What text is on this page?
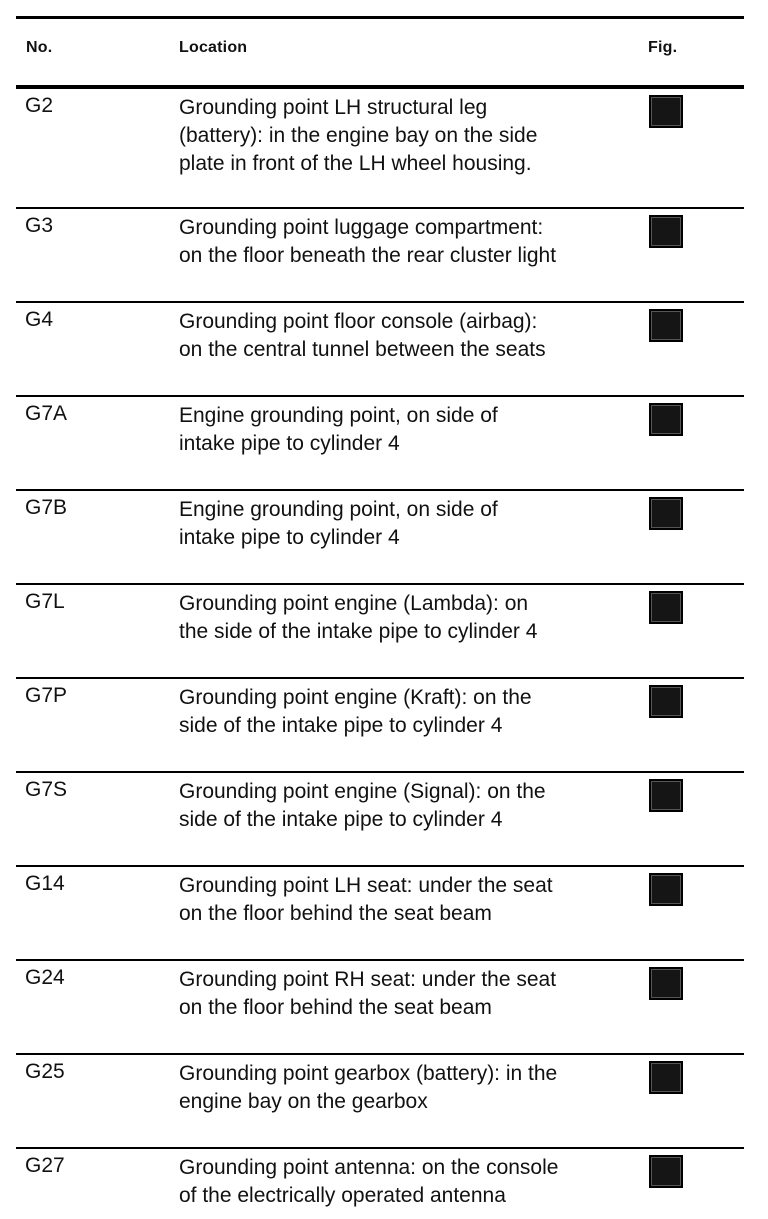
No.	Location	Fig.
G2	Grounding point LH structural leg
(battery): in the engine bay on the side
plate in front of the LH wheel housing.
G3	Grounding point luggage compartment:
on the floor beneath the rear cluster light
G4	Grounding point floor console (airbag):
on the central tunnel between the seats
G7A	Engine grounding point, on side of
intake pipe to cylinder 4
G7B	Engine grounding point, on side of
intake pipe to cylinder 4
G7L	Grounding point engine (Lambda): on
the side of the intake pipe to cylinder 4
G7P	Grounding point engine (Kraft): on the
side of the intake pipe to cylinder 4
G7S	Grounding point engine (Signal): on the
side of the intake pipe to cylinder 4
G14	Grounding point LH seat: under the seat
on the floor behind the seat beam
G24	Grounding point RH seat: under the seat
on the floor behind the seat beam
G25	Grounding point gearbox (battery): in the
engine bay on the gearbox
G27	Grounding point antenna: on the console
of the electrically operated antenna
